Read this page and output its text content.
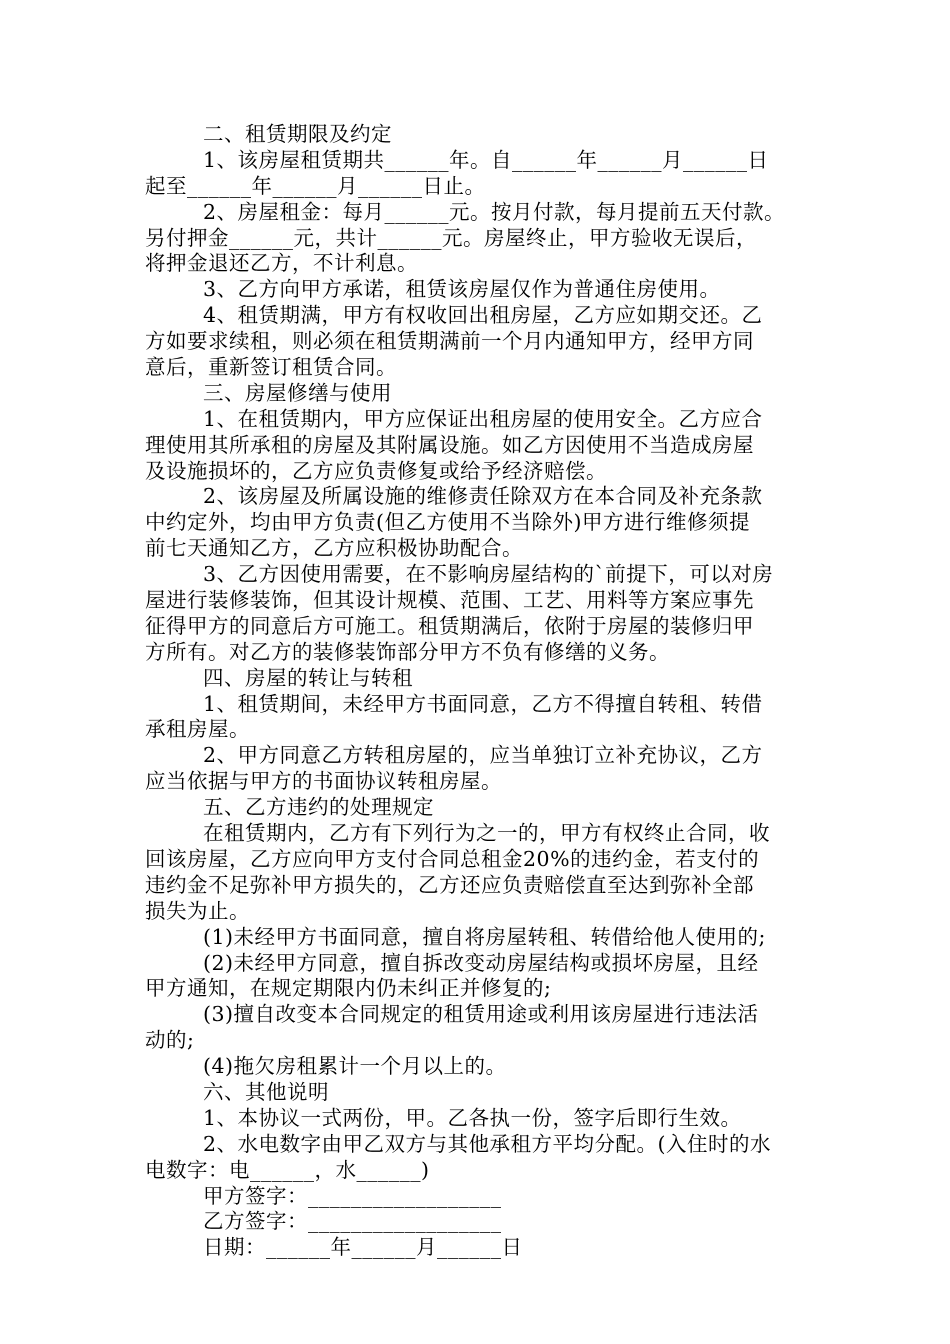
二、租赁期限及约定
1、该房屋租赁期共______年。自______年______月______日
起至______年______月______日止。
2、房屋租金：每月______元。按月付款，每月提前五天付款。
另付押金______元，共计______元。房屋终止，甲方验收无误后，
将押金退还乙方，不计利息。
3、乙方向甲方承诺，租赁该房屋仅作为普通住房使用。
4、租赁期满，甲方有权收回出租房屋，乙方应如期交还。乙
方如要求续租，则必须在租赁期满前一个月内通知甲方，经甲方同
意后，重新签订租赁合同。
三、房屋修缮与使用
1、在租赁期内，甲方应保证出租房屋的使用安全。乙方应合
理使用其所承租的房屋及其附属设施。如乙方因使用不当造成房屋
及设施损坏的，乙方应负责修复或给予经济赔偿。
2、该房屋及所属设施的维修责任除双方在本合同及补充条款
中约定外，均由甲方负责(但乙方使用不当除外)甲方进行维修须提
前七天通知乙方，乙方应积极协助配合。
3、乙方因使用需要，在不影响房屋结构的`前提下，可以对房
屋进行装修装饰，但其设计规模、范围、工艺、用料等方案应事先
征得甲方的同意后方可施工。租赁期满后，依附于房屋的装修归甲
方所有。对乙方的装修装饰部分甲方不负有修缮的义务。
四、房屋的转让与转租
1、租赁期间，未经甲方书面同意，乙方不得擅自转租、转借
承租房屋。
2、甲方同意乙方转租房屋的，应当单独订立补充协议，乙方
应当依据与甲方的书面协议转租房屋。
五、乙方违约的处理规定
在租赁期内，乙方有下列行为之一的，甲方有权终止合同，收
回该房屋，乙方应向甲方支付合同总租金20%的违约金，若支付的
违约金不足弥补甲方损失的，乙方还应负责赔偿直至达到弥补全部
损失为止。
(1)未经甲方书面同意，擅自将房屋转租、转借给他人使用的;
(2)未经甲方同意，擅自拆改变动房屋结构或损坏房屋，且经
甲方通知，在规定期限内仍未纠正并修复的;
(3)擅自改变本合同规定的租赁用途或利用该房屋进行违法活
动的;
(4)拖欠房租累计一个月以上的。
六、其他说明
1、本协议一式两份，甲。乙各执一份，签字后即行生效。
2、水电数字由甲乙双方与其他承租方平均分配。(入住时的水
电数字：电______，水______)
甲方签字：__________________
乙方签字：__________________
日期：______年______月______日
